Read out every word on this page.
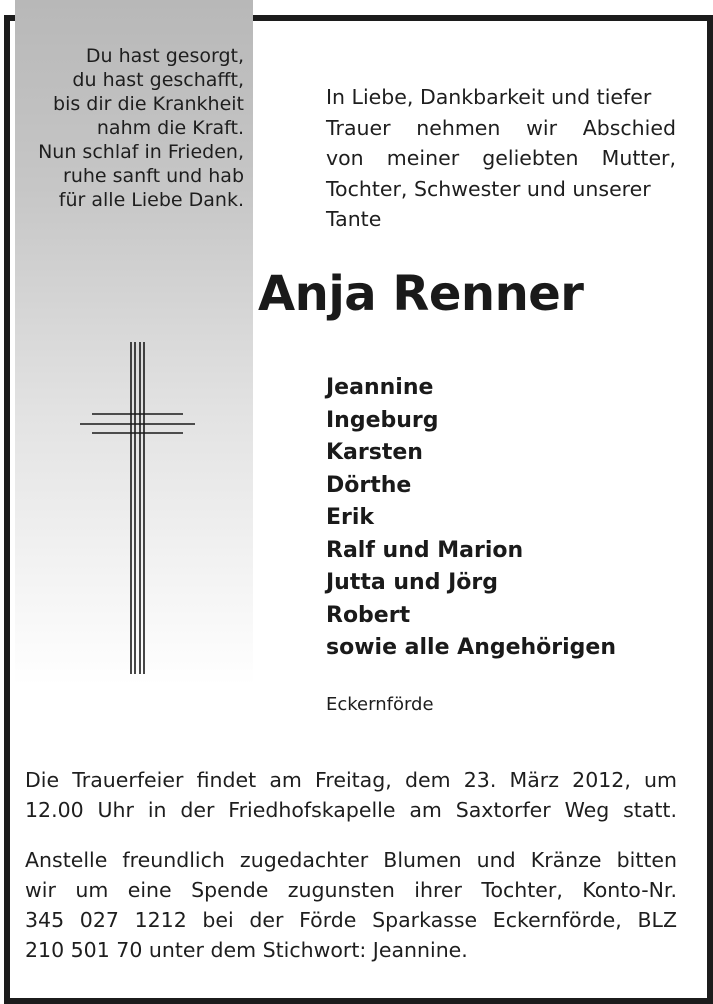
Du hast gesorgt,
du hast geschafft,
bis dir die Krankheit
nahm die Kraft.
Nun schlaf in Frieden,
ruhe sanft und hab
für alle Liebe Dank.
In Liebe, Dankbarkeit und tiefer
Trauer nehmen wir Abschied
von meiner geliebten Mutter,
Tochter, Schwester und unserer
Tante
Anja Renner
Jeannine
Ingeburg
Karsten
Dörthe
Erik
Ralf und Marion
Jutta und Jörg
Robert
sowie alle Angehörigen
Eckernförde
Die Trauerfeier findet am Freitag, dem 23. März 2012, um
12.00 Uhr in der Friedhofskapelle am Saxtorfer Weg statt.
Anstelle freundlich zugedachter Blumen und Kränze bitten
wir um eine Spende zugunsten ihrer Tochter, Konto-Nr.
345 027 1212 bei der Förde Sparkasse Eckernförde, BLZ
210 501 70 unter dem Stichwort: Jeannine.
